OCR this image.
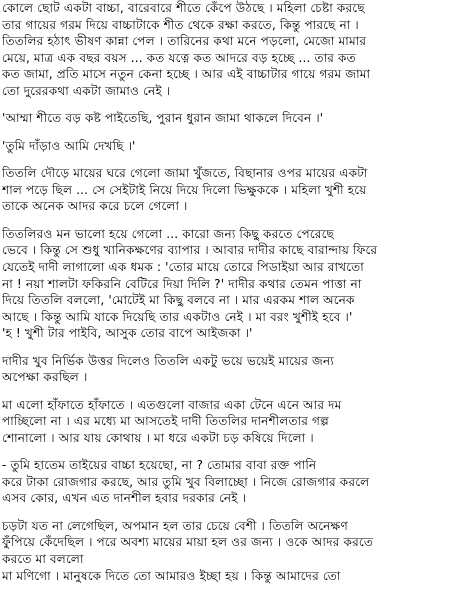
কোলে ছোট একটা বাচ্চা, বারেবারে শীতে কেঁপে উঠছে । মহিলা চেষ্টা করছে
তার গায়ের গরম দিয়ে বাচ্চাটাকে শীত থেকে রক্ষা করতে, কিন্তু পারছে না ।
তিতলির হঠাৎ ভীষণ কান্না পেল । তারিনের কথা মনে পড়লো, মেজো মামার
মেয়ে, মাত্র এক বছর বয়স ... কত যত্নে কত আদরে বড় হচ্ছে ... তার কত
কত জামা, প্রতি মাসে নতুন কেনা হচ্ছে । আর এই বাচ্চাটার গায়ে গরম জামা
তো দুরেরকথা একটা জামাও নেই ।
'আম্মা শীতে বড় কষ্ট পাইতেছি, পুরান ধুরান জামা থাকলে দিবেন ।'
'তুমি দাঁড়াও আমি দেখছি ।'
তিতলি দৌড়ে মায়ের ঘরে গেলো জামা খুঁজতে, বিছানার ওপর মায়ের একটা
শাল পড়ে ছিল ... সে সেইটাই নিয়ে দিয়ে দিলো ভিক্ষুককে । মহিলা খুশী হয়ে
তাকে অনেক আদর করে চলে গেলো ।
তিতলিরও মন ভালো হয়ে গেলো ... কারো জন্য কিছু করতে পেরেছে
ভেবে । কিন্তু সে শুধু খানিকক্ষণের ব্যাপার । আবার দাদীর কাছে বারান্দায় ফিরে
যেতেই দাদী লাগালো এক ধমক : 'তোর মায়ে তোরে পিডাইয়া আর রাখতো
না ! নয়া শালটা ফকিরনি বেটিরে দিয়া দিলি ?' দাদীর কথার তেমন পাত্তা না
দিয়ে তিতলি বললো, 'মোটেই মা কিছু বলবে না । মার এরকম শাল অনেক
আছে । কিন্তু আমি যাকে দিয়েছি তার একটাও নেই । মা বরং খুশীই হবে ।'
'হ ! খুশী টার পাইবি, আসুক তোর বাপে আইজকা ।'
দাদীর খুব নির্ভিক উত্তর দিলেও তিতলি একটু ভয়ে ভয়েই মায়ের জন্য
অপেক্ষা করছিল ।
মা এলো হাঁফাতে হাঁফাতে । এতগুলো বাজার একা টেনে এনে আর দম
পাচ্ছিলো না । এর মধ্যে মা আসতেই দাদী তিতলির দানশীলতার গল্প
শোনালো । আর যায় কোথায় । মা ধরে একটা চড় কষিয়ে দিলো ।
- তুমি হাতেম তাইয়ের বাচ্চা হয়েছো, না ? তোমার বাবা রক্ত পানি
করে টাকা রোজগার করছে, আর তুমি খুব বিলাচ্ছো । নিজে রোজগার করলে
এসব কোর, এখন এত দানশীল হবার দরকার নেই ।
চড়টা যত না লেগেছিল, অপমান হল তার চেয়ে বেশী । তিতলি অনেক্ষণ
ফুঁপিয়ে কেঁদেছিল । পরে অবশ্য মায়ের মায়া হল ওর জন্য । ওকে আদর করতে
করতে মা বললো
মা মণিগো । মানুষকে দিতে তো আমারও ইচ্ছা হয় । কিন্তু আমাদের তো
